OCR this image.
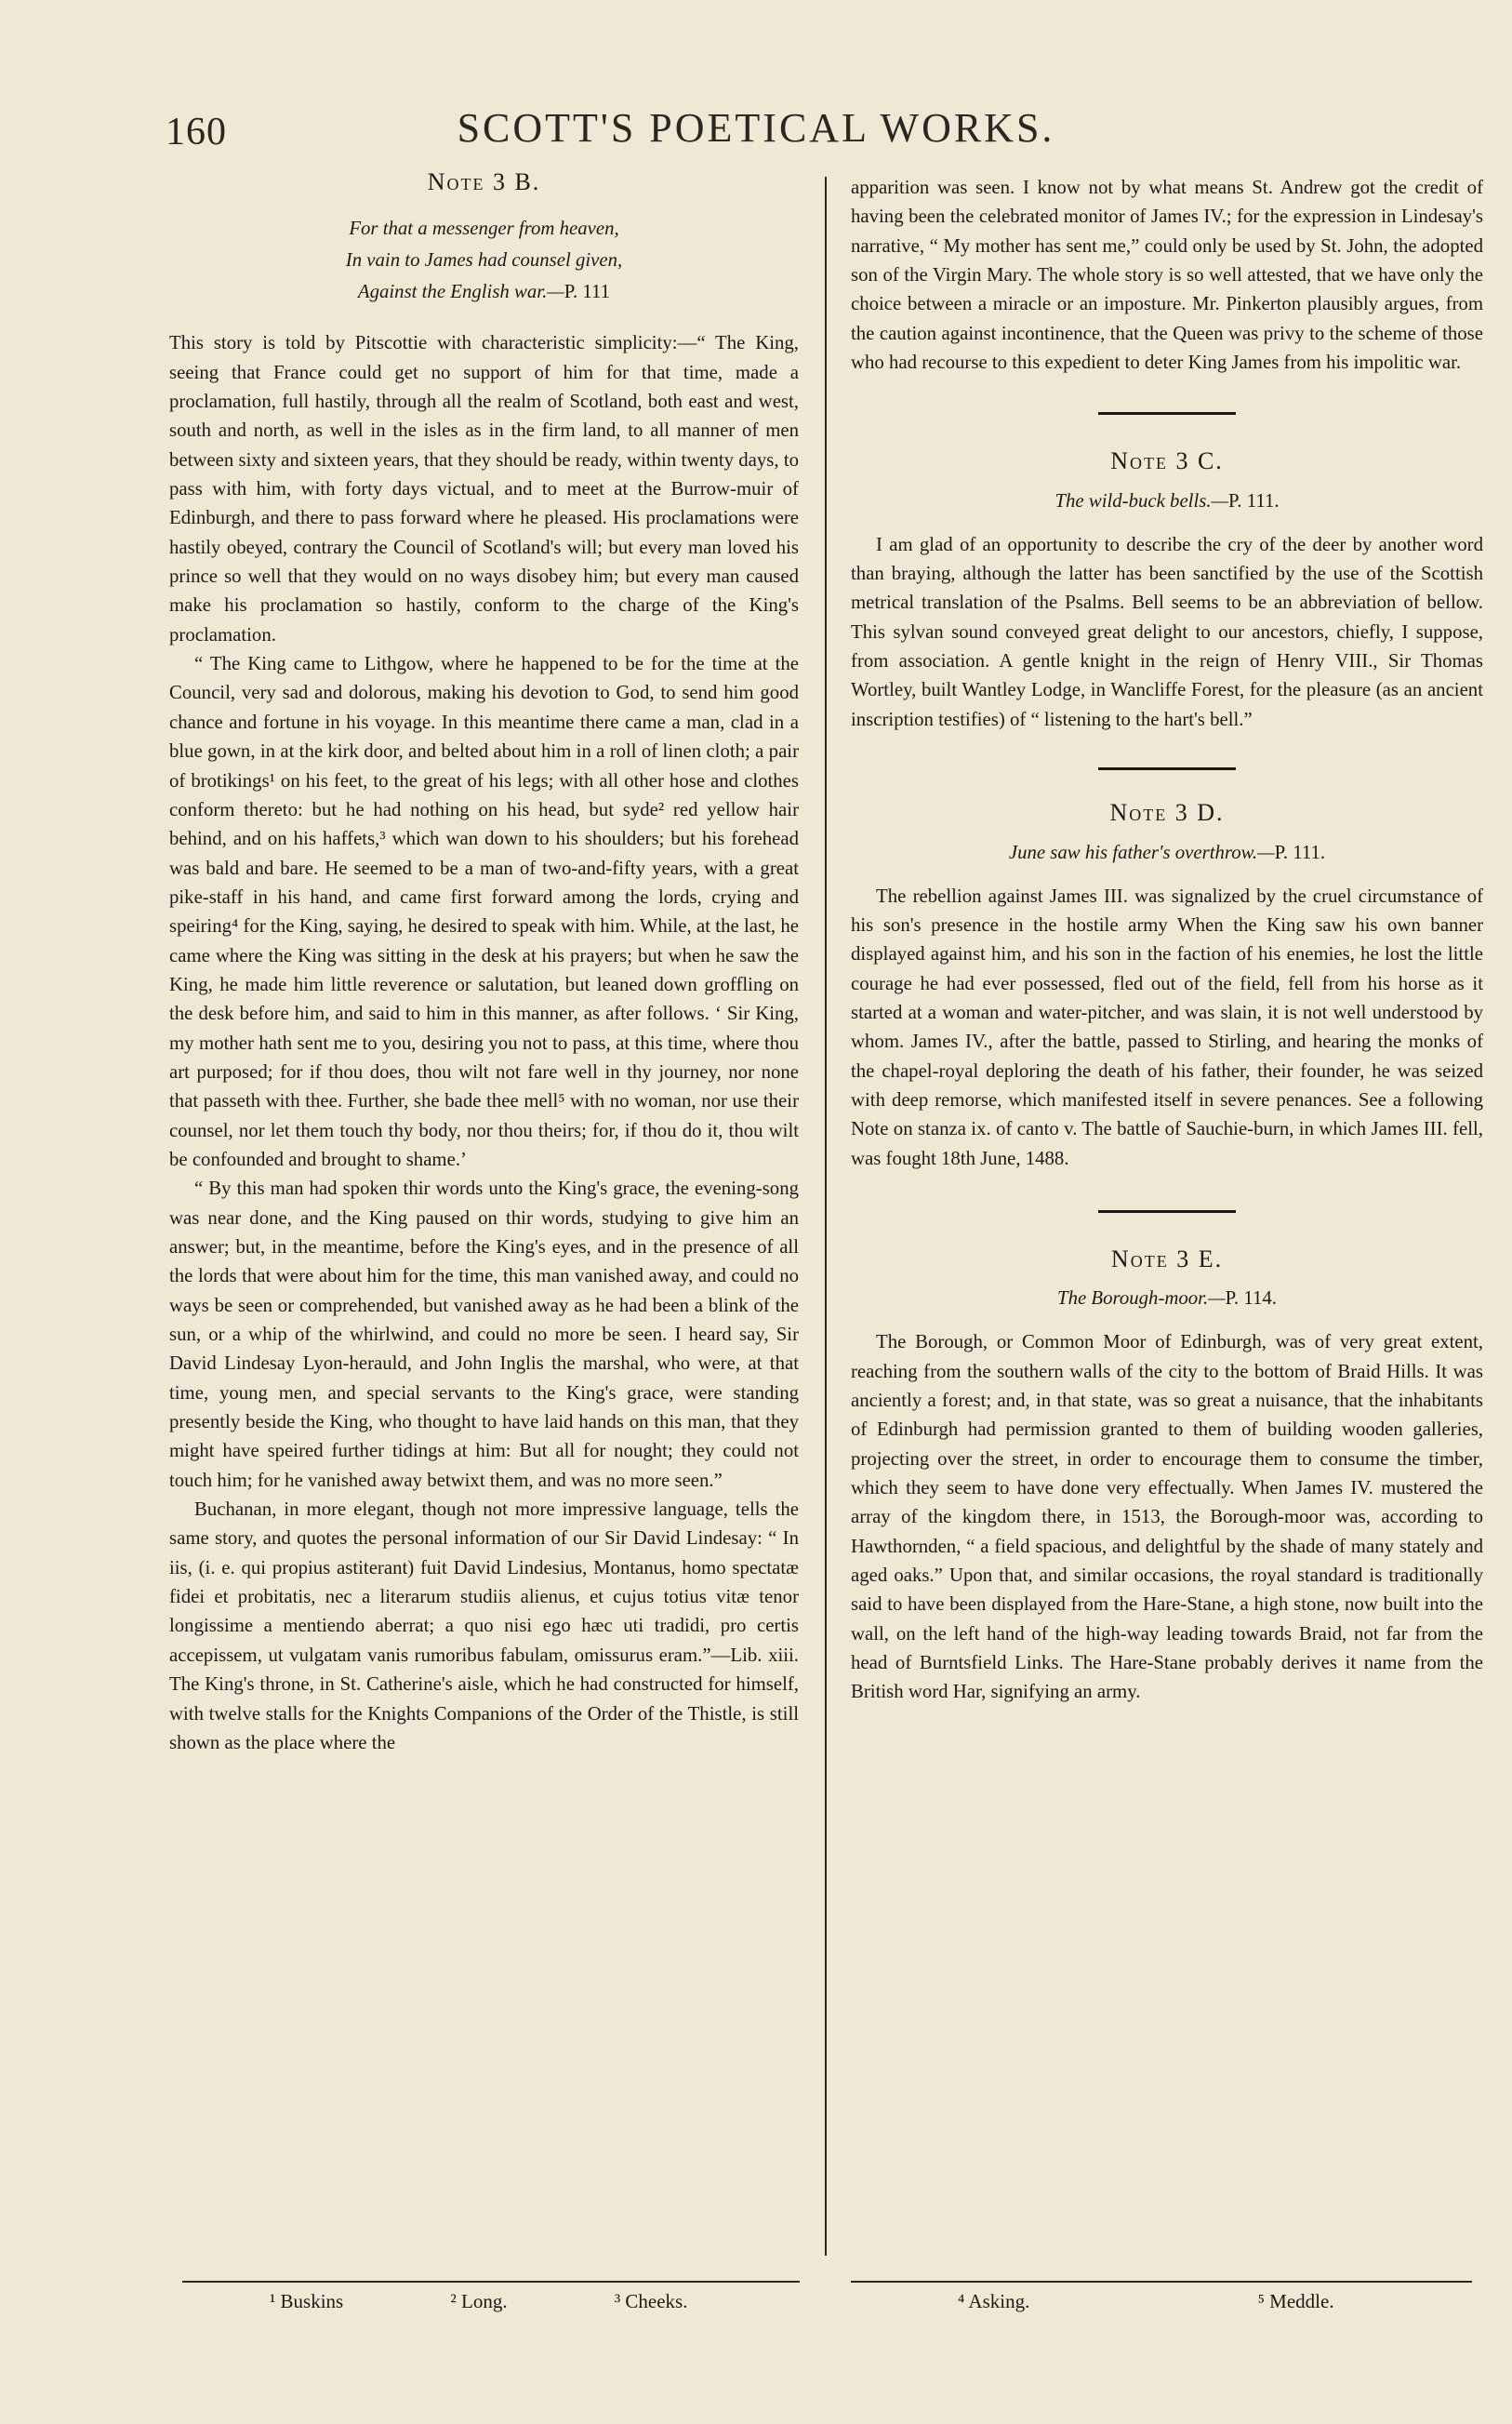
160	SCOTT'S POETICAL WORKS.

Note 3 B.

For that a messenger from heaven,
In vain to James had counsel given,
Against the English war.—P. 111

This story is told by Pitscottie with characteristic simplicity:—“ The King, seeing that France could get no support of him for that time, made a proclamation, full hastily, through all the realm of Scotland, both east and west, south and north, as well in the isles as in the firm land, to all manner of men between sixty and sixteen years, that they should be ready, within twenty days, to pass with him, with forty days victual, and to meet at the Burrow-muir of Edinburgh, and there to pass forward where he pleased. His proclamations were hastily obeyed, contrary the Council of Scotland's will; but every man loved his prince so well that they would on no ways disobey him; but every man caused make his proclamation so hastily, conform to the charge of the King's proclamation.

“ The King came to Lithgow, where he happened to be for the time at the Council, very sad and dolorous, making his devotion to God, to send him good chance and fortune in his voyage. In this meantime there came a man, clad in a blue gown, in at the kirk door, and belted about him in a roll of linen cloth; a pair of brotikings¹ on his feet, to the great of his legs; with all other hose and clothes conform thereto: but he had nothing on his head, but syde² red yellow hair behind, and on his haffets,³ which wan down to his shoulders; but his forehead was bald and bare. He seemed to be a man of two-and-fifty years, with a great pike-staff in his hand, and came first forward among the lords, crying and speiring⁴ for the King, saying, he desired to speak with him. While, at the last, he came where the King was sitting in the desk at his prayers; but when he saw the King, he made him little reverence or salutation, but leaned down groffling on the desk before him, and said to him in this manner, as after follows. ‘ Sir King, my mother hath sent me to you, desiring you not to pass, at this time, where thou art purposed; for if thou does, thou wilt not fare well in thy journey, nor none that passeth with thee. Further, she bade thee mell⁵ with no woman, nor use their counsel, nor let them touch thy body, nor thou theirs; for, if thou do it, thou wilt be confounded and brought to shame.’

“ By this man had spoken thir words unto the King's grace, the evening-song was near done, and the King paused on thir words, studying to give him an answer; but, in the meantime, before the King's eyes, and in the presence of all the lords that were about him for the time, this man vanished away, and could no ways be seen or comprehended, but vanished away as he had been a blink of the sun, or a whip of the whirlwind, and could no more be seen. I heard say, Sir David Lindesay Lyon-herauld, and John Inglis the marshal, who were, at that time, young men, and special servants to the King's grace, were standing presently beside the King, who thought to have laid hands on this man, that they might have speired further tidings at him: But all for nought; they could not touch him; for he vanished away betwixt them, and was no more seen.”

Buchanan, in more elegant, though not more impressive language, tells the same story, and quotes the personal information of our Sir David Lindesay: “ In iis, (i. e. qui propius astiterant) fuit David Lindesius, Montanus, homo spectatæ fidei et probitatis, nec a literarum studiis alienus, et cujus totius vitæ tenor longissime a mentiendo aberrat; a quo nisi ego hæc uti tradidi, pro certis accepissem, ut vulgatam vanis rumoribus fabulam, omissurus eram.”—Lib. xiii. The King's throne, in St. Catherine's aisle, which he had constructed for himself, with twelve stalls for the Knights Companions of the Order of the Thistle, is still shown as the place where the

apparition was seen. I know not by what means St. Andrew got the credit of having been the celebrated monitor of James IV.; for the expression in Lindesay's narrative, “ My mother has sent me,” could only be used by St. John, the adopted son of the Virgin Mary. The whole story is so well attested, that we have only the choice between a miracle or an imposture. Mr. Pinkerton plausibly argues, from the caution against incontinence, that the Queen was privy to the scheme of those who had recourse to this expedient to deter King James from his impolitic war.

Note 3 C.

The wild-buck bells.—P. 111.

I am glad of an opportunity to describe the cry of the deer by another word than braying, although the latter has been sanctified by the use of the Scottish metrical translation of the Psalms. Bell seems to be an abbreviation of bellow. This sylvan sound conveyed great delight to our ancestors, chiefly, I suppose, from association. A gentle knight in the reign of Henry VIII., Sir Thomas Wortley, built Wantley Lodge, in Wancliffe Forest, for the pleasure (as an ancient inscription testifies) of “ listening to the hart's bell.”

Note 3 D.

June saw his father's overthrow.—P. 111.

The rebellion against James III. was signalized by the cruel circumstance of his son's presence in the hostile army When the King saw his own banner displayed against him, and his son in the faction of his enemies, he lost the little courage he had ever possessed, fled out of the field, fell from his horse as it started at a woman and water-pitcher, and was slain, it is not well understood by whom. James IV., after the battle, passed to Stirling, and hearing the monks of the chapel-royal deploring the death of his father, their founder, he was seized with deep remorse, which manifested itself in severe penances. See a following Note on stanza ix. of canto v. The battle of Sauchie-burn, in which James III. fell, was fought 18th June, 1488.

Note 3 E.

The Borough-moor.—P. 114.

The Borough, or Common Moor of Edinburgh, was of very great extent, reaching from the southern walls of the city to the bottom of Braid Hills. It was anciently a forest; and, in that state, was so great a nuisance, that the inhabitants of Edinburgh had permission granted to them of building wooden galleries, projecting over the street, in order to encourage them to consume the timber, which they seem to have done very effectually. When James IV. mustered the array of the kingdom there, in 1513, the Borough-moor was, according to Hawthornden, “ a field spacious, and delightful by the shade of many stately and aged oaks.” Upon that, and similar occasions, the royal standard is traditionally said to have been displayed from the Hare-Stane, a high stone, now built into the wall, on the left hand of the high-way leading towards Braid, not far from the head of Burntsfield Links. The Hare-Stane probably derives it name from the British word Har, signifying an army.

¹ Buskins	² Long.	³ Cheeks.	⁴ Asking.	⁵ Meddle.
